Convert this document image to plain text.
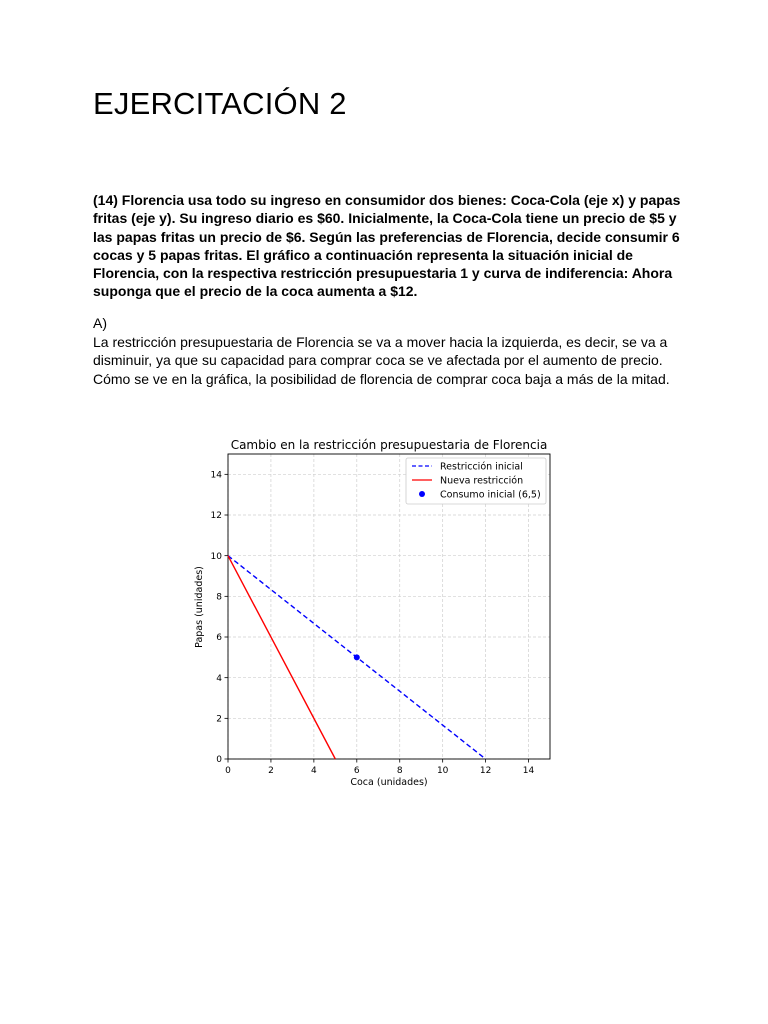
EJERCITACIÓN 2

(14) Florencia usa todo su ingreso en consumidor dos bienes: Coca-Cola (eje x) y papas fritas (eje y). Su ingreso diario es $60. Inicialmente, la Coca-Cola tiene un precio de $5 y las papas fritas un precio de $6. Según las preferencias de Florencia, decide consumir 6 cocas y 5 papas fritas. El gráfico a continuación representa la situación inicial de Florencia, con la respectiva restricción presupuestaria 1 y curva de indiferencia: Ahora suponga que el precio de la coca aumenta a $12.

A)

La restricción presupuestaria de Florencia se va a mover hacia la izquierda, es decir, se va a disminuir, ya que su capacidad para comprar coca se ve afectada por el aumento de precio. Cómo se ve en la gráfica, la posibilidad de florencia de comprar coca baja a más de la mitad.

Cambio en la restricción presupuestaria de Florencia
0	2	4	6	8	10	12	14
0
2
4
6
8
10
12
14
Coca (unidades)
Papas (unidades)
Restricción inicial
Nueva restricción
Consumo inicial (6,5)
